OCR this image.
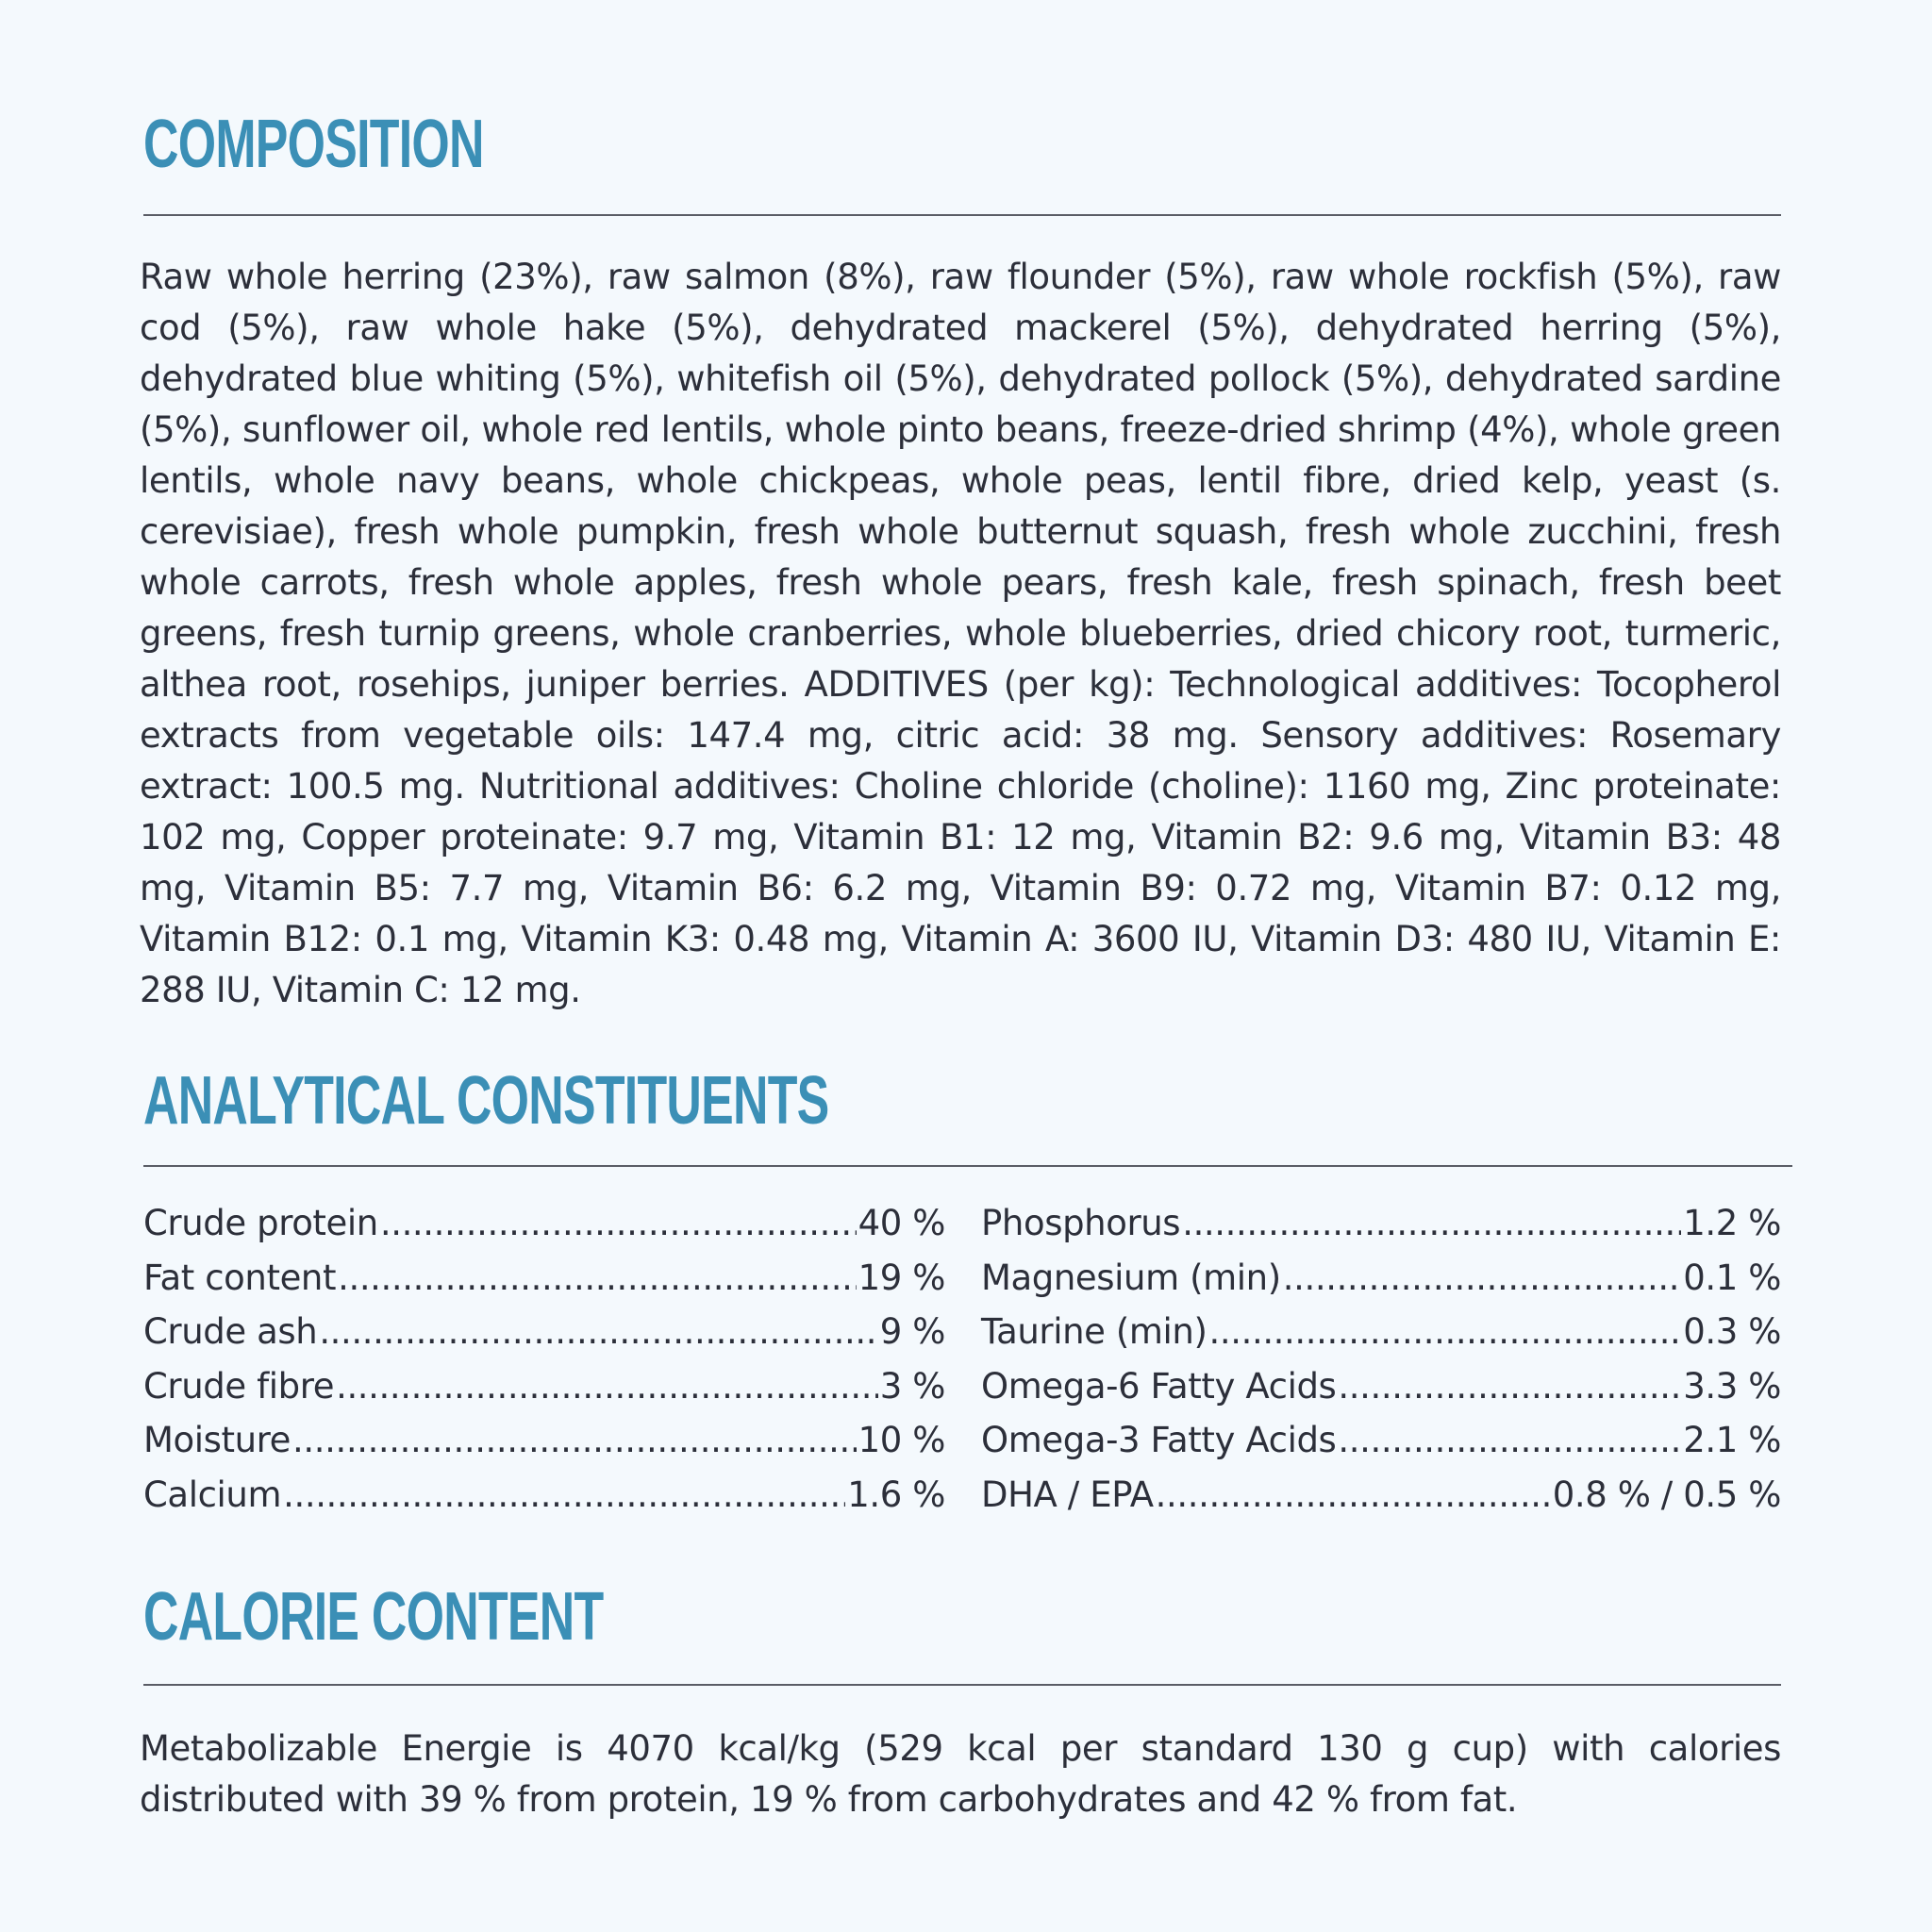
COMPOSITION
Raw whole herring (23%), raw salmon (8%), raw flounder (5%), raw whole rockfish (5%), raw cod (5%), raw whole hake (5%), dehydrated mackerel (5%), dehydrated herring (5%), dehydrated blue whiting (5%), whitefish oil (5%), dehydrated pollock (5%), dehydrated sardine (5%), sunflower oil, whole red lentils, whole pinto beans, freeze-dried shrimp (4%), whole green lentils, whole navy beans, whole chickpeas, whole peas, lentil fibre, dried kelp, yeast (s. cerevisiae), fresh whole pumpkin, fresh whole butternut squash, fresh whole zucchini, fresh whole carrots, fresh whole apples, fresh whole pears, fresh kale, fresh spinach, fresh beet greens, fresh turnip greens, whole cranberries, whole blueberries, dried chicory root, turmeric, althea root, rosehips, juniper berries. ADDITIVES (per kg): Technological additives: Tocopherol extracts from vegetable oils: 147.4 mg, citric acid: 38 mg. Sensory additives: Rosemary extract: 100.5 mg. Nutritional additives: Choline chloride (choline): 1160 mg, Zinc proteinate: 102 mg, Copper proteinate: 9.7 mg, Vitamin B1: 12 mg, Vitamin B2: 9.6 mg, Vitamin B3: 48 mg, Vitamin B5: 7.7 mg, Vitamin B6: 6.2 mg, Vitamin B9: 0.72 mg, Vitamin B7: 0.12 mg, Vitamin B12: 0.1 mg, Vitamin K3: 0.48 mg, Vitamin A: 3600 IU, Vitamin D3: 480 IU, Vitamin E: 288 IU, Vitamin C: 12 mg.
ANALYTICAL CONSTITUENTS
Crude protein .....	40 %
Fat content .....	19 %
Crude ash .....	9 %
Crude fibre .....	3 %
Moisture .....	10 %
Calcium .....	1.6 %
Phosphorus .....	1.2 %
Magnesium (min) .....	0.1 %
Taurine (min) .....	0.3 %
Omega-6 Fatty Acids .....	3.3 %
Omega-3 Fatty Acids .....	2.1 %
DHA / EPA .....	0.8 % / 0.5 %
CALORIE CONTENT

Metabolizable Energie is 4070 kcal/kg (529 kcal per standard 130 g cup) with calories distributed with 39 % from protein, 19 % from carbohydrates and 42 % from fat.
